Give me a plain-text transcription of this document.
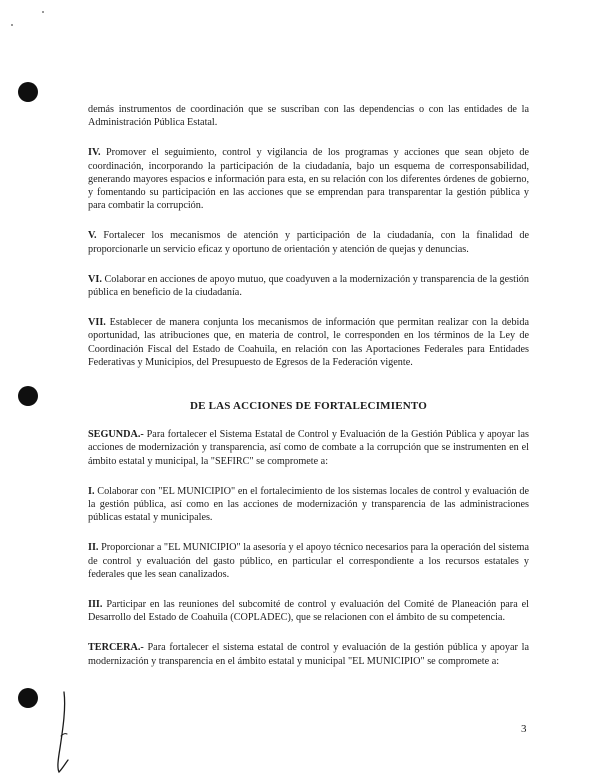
demás instrumentos de coordinación que se suscriban con las dependencias o con las entidades de la Administración Pública Estatal.

IV. Promover el seguimiento, control y vigilancia de los programas y acciones que sean objeto de coordinación, incorporando la participación de la ciudadanía, bajo un esquema de corresponsabilidad, generando mayores espacios e información para esta, en su relación con los diferentes órdenes de gobierno, y fomentando su participación en las acciones que se emprendan para transparentar la gestión pública y para combatir la corrupción.

V. Fortalecer los mecanismos de atención y participación de la ciudadanía, con la finalidad de proporcionarle un servicio eficaz y oportuno de orientación y atención de quejas y denuncias.

VI. Colaborar en acciones de apoyo mutuo, que coadyuven a la modernización y transparencia de la gestión pública en beneficio de la ciudadanía.

VII. Establecer de manera conjunta los mecanismos de información que permitan realizar con la debida oportunidad, las atribuciones que, en materia de control, le corresponden en los términos de la Ley de Coordinación Fiscal del Estado de Coahuila, en relación con las Aportaciones Federales para Entidades Federativas y Municipios, del Presupuesto de Egresos de la Federación vigente.

DE LAS ACCIONES DE FORTALECIMIENTO

SEGUNDA.- Para fortalecer el Sistema Estatal de Control y Evaluación de la Gestión Pública y apoyar las acciones de modernización y transparencia, así como de combate a la corrupción que se instrumenten en el ámbito estatal y municipal, la "SEFIRC" se compromete a:

I. Colaborar con "EL MUNICIPIO" en el fortalecimiento de los sistemas locales de control y evaluación de la gestión pública, así como en las acciones de modernización y transparencia de las administraciones públicas estatal y municipales.

II. Proporcionar a "EL MUNICIPIO" la asesoría y el apoyo técnico necesarios para la operación del sistema de control y evaluación del gasto público, en particular el correspondiente a los recursos estatales y federales que les sean canalizados.

III. Participar en las reuniones del subcomité de control y evaluación del Comité de Planeación para el Desarrollo del Estado de Coahuila (COPLADEC), que se relacionen con el ámbito de su competencia.

TERCERA.- Para fortalecer el sistema estatal de control y evaluación de la gestión pública y apoyar la modernización y transparencia en el ámbito estatal y municipal "EL MUNICIPIO" se compromete a:

3
